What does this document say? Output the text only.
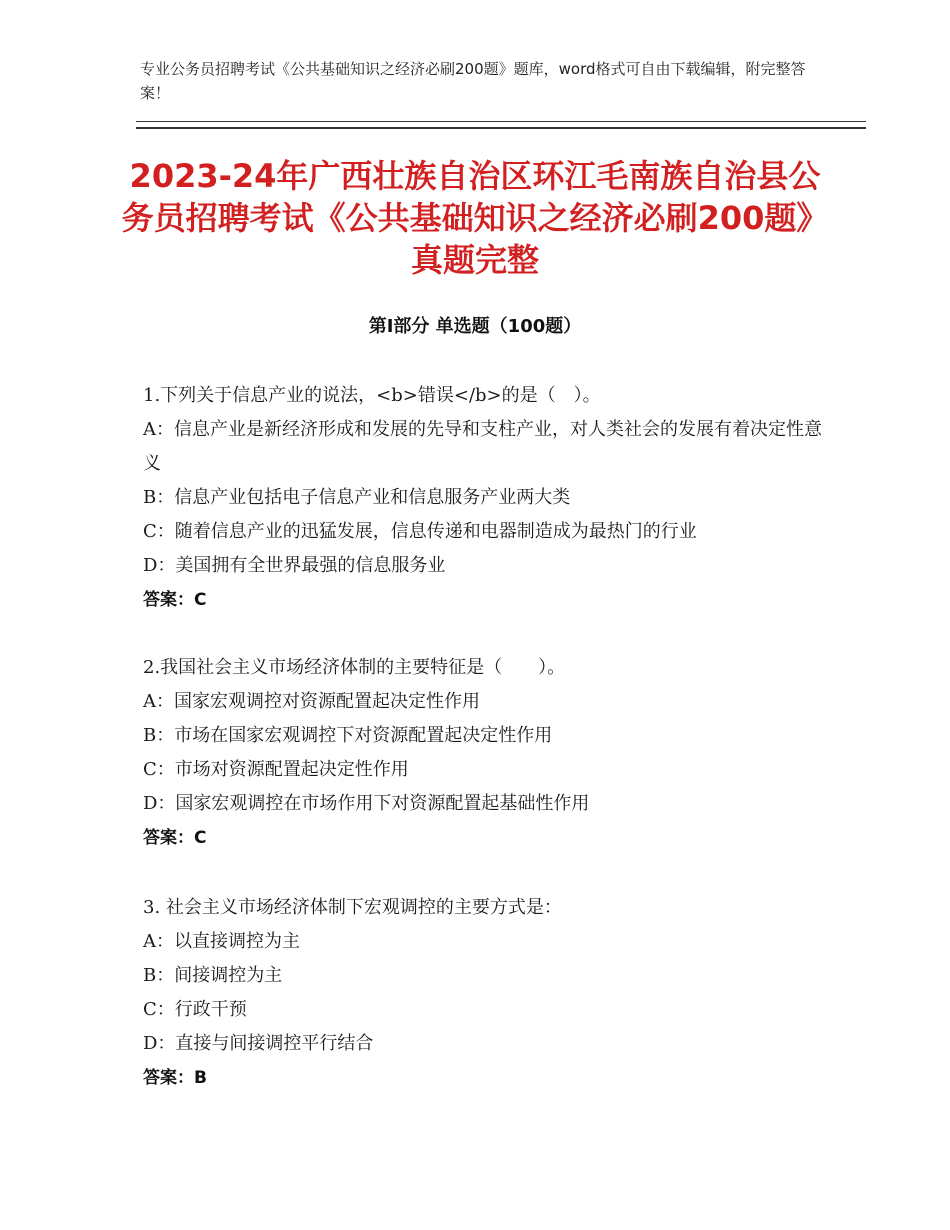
专业公务员招聘考试《公共基础知识之经济必刷200题》题库，word格式可自由下载编辑，附完整答案！
2023-24年广西壮族自治区环江毛南族自治县公务员招聘考试《公共基础知识之经济必刷200题》真题完整
第Ⅰ部分 单选题（100题）
1.下列关于信息产业的说法，<b>错误</b>的是（　）。
A：信息产业是新经济形成和发展的先导和支柱产业，对人类社会的发展有着决定性意义
B：信息产业包括电子信息产业和信息服务产业两大类
C：随着信息产业的迅猛发展，信息传递和电器制造成为最热门的行业
D：美国拥有全世界最强的信息服务业
答案：C
2.我国社会主义市场经济体制的主要特征是（　　）。
A：国家宏观调控对资源配置起决定性作用
B：市场在国家宏观调控下对资源配置起决定性作用
C：市场对资源配置起决定性作用
D：国家宏观调控在市场作用下对资源配置起基础性作用
答案：C
3. 社会主义市场经济体制下宏观调控的主要方式是：
A：以直接调控为主
B：间接调控为主
C：行政干预
D：直接与间接调控平行结合
答案：B
